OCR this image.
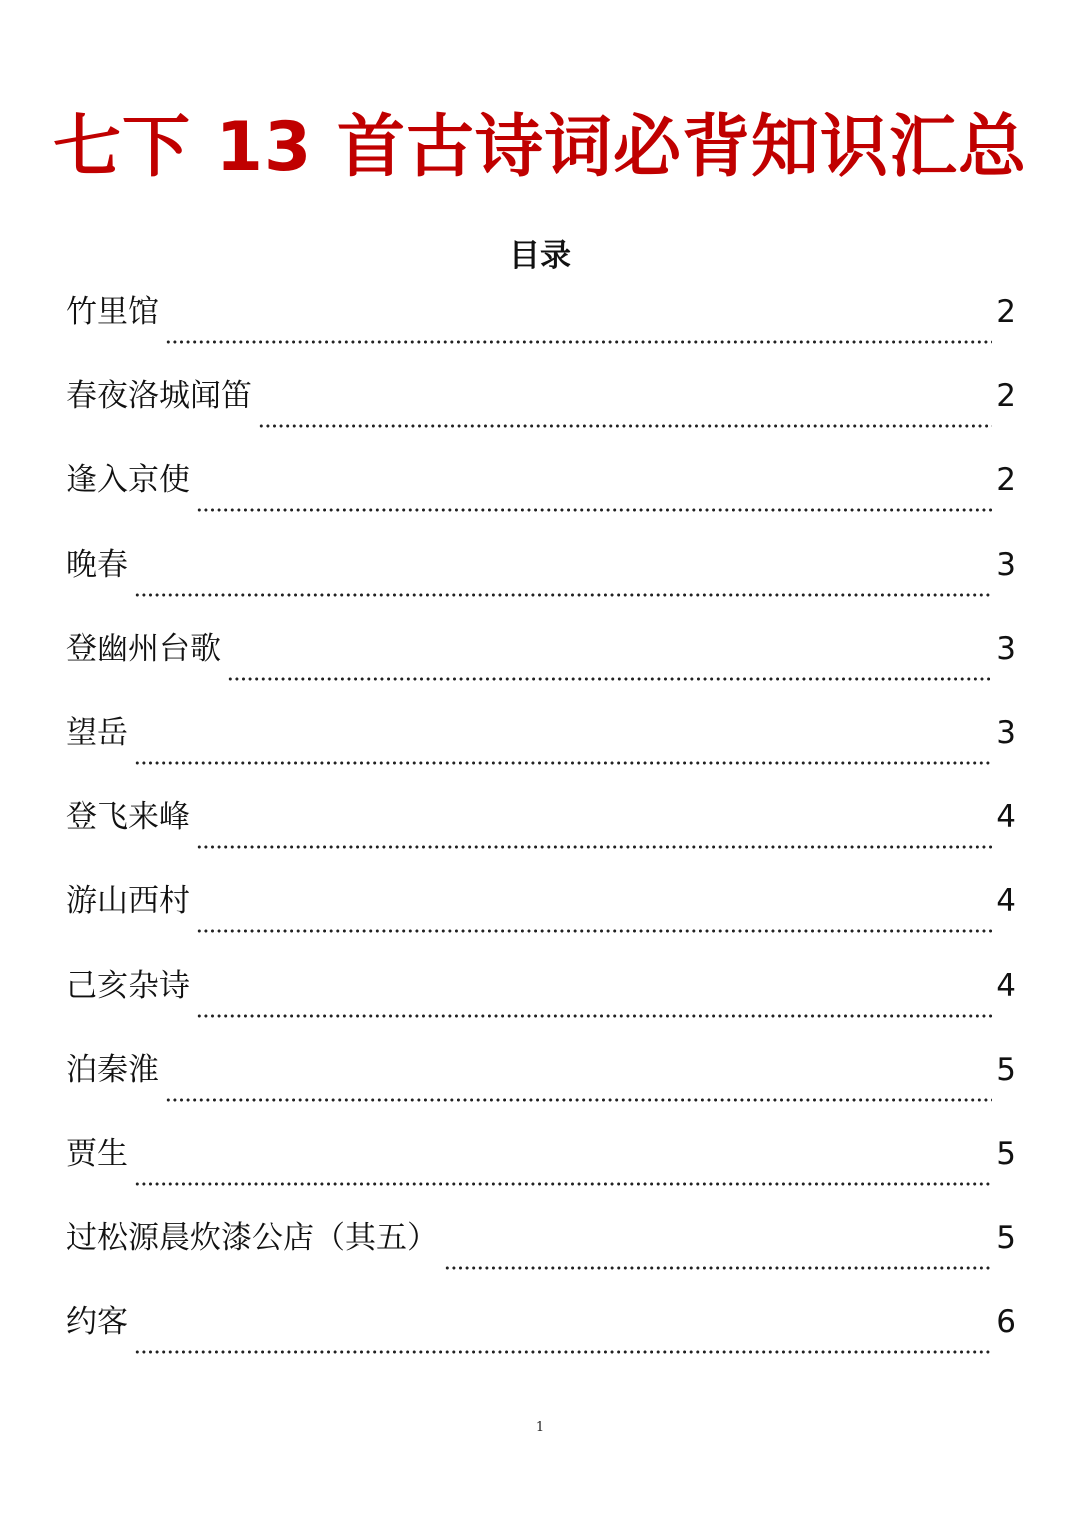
七下 13 首古诗词必背知识汇总
目录
竹里馆	2
春夜洛城闻笛	2
逢入京使	2
晚春	3
登幽州台歌	3
望岳	3
登飞来峰	4
游山西村	4
己亥杂诗	4
泊秦淮	5
贾生	5
过松源晨炊漆公店（其五）	5
约客	6
1
